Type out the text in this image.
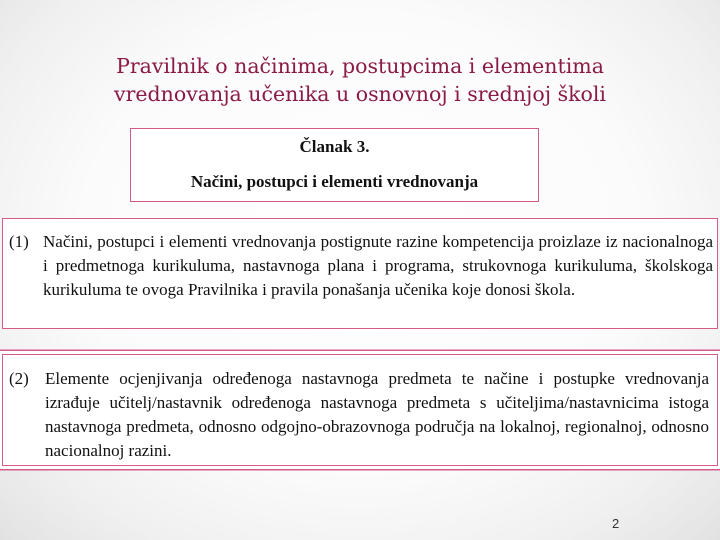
Pravilnik o načinima, postupcima i elementima
vrednovanja učenika u osnovnoj i srednjoj školi
Članak 3.
Načini, postupci i elementi vrednovanja
(1) Načini, postupci i elementi vrednovanja postignute razine kompetencija proizlaze iz nacionalnoga i predmetnoga kurikuluma, nastavnoga plana i programa, strukovnoga kurikuluma, školskoga kurikuluma te ovoga Pravilnika i pravila ponašanja učenika koje donosi škola.
(2) Elemente ocjenjivanja određenoga nastavnoga predmeta te načine i postupke vrednovanja izrađuje učitelj/nastavnik određenoga nastavnoga predmeta s učiteljima/nastavnicima istoga nastavnoga predmeta, odnosno odgojno-obrazovnoga područja na lokalnoj, regionalnoj, odnosno nacionalnoj razini.
2
